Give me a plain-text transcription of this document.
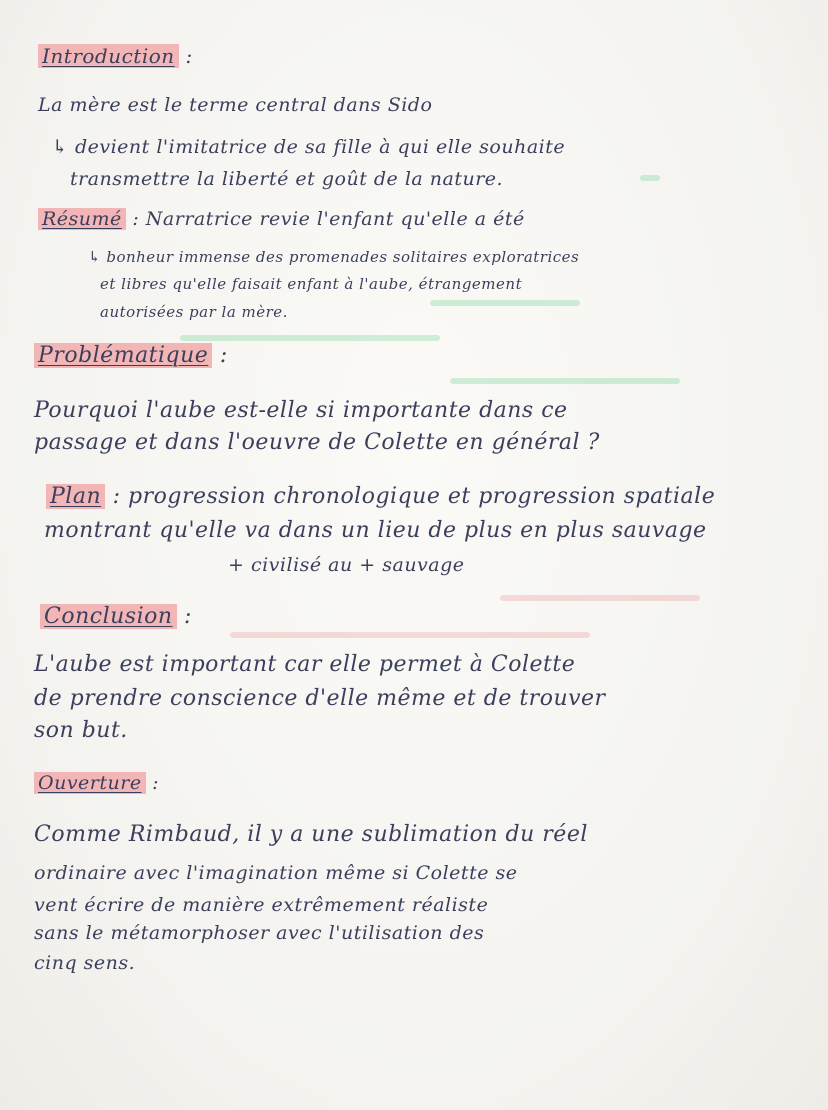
Introduction :
La mère est le terme central dans Sido
↳ devient l'imitatrice de sa fille à qui elle souhaite
transmettre la liberté et goût de la nature.
Résumé : Narratrice revie l'enfant qu'elle a été
↳ bonheur immense des promenades solitaires exploratrices
et libres qu'elle faisait enfant à l'aube, étrangement
autorisées par la mère.
Problématique :
Pourquoi l'aube est-elle si importante dans ce
passage et dans l'oeuvre de Colette en général ?
Plan : progression chronologique et progression spatiale
montrant qu'elle va dans un lieu de plus en plus sauvage
+ civilisé au + sauvage
Conclusion :
L'aube est important car elle permet à Colette
de prendre conscience d'elle même et de trouver
son but.
Ouverture :
Comme Rimbaud, il y a une sublimation du réel
ordinaire avec l'imagination même si Colette se
vent écrire de manière extrêmement réaliste
sans le métamorphoser avec l'utilisation des
cinq sens.
